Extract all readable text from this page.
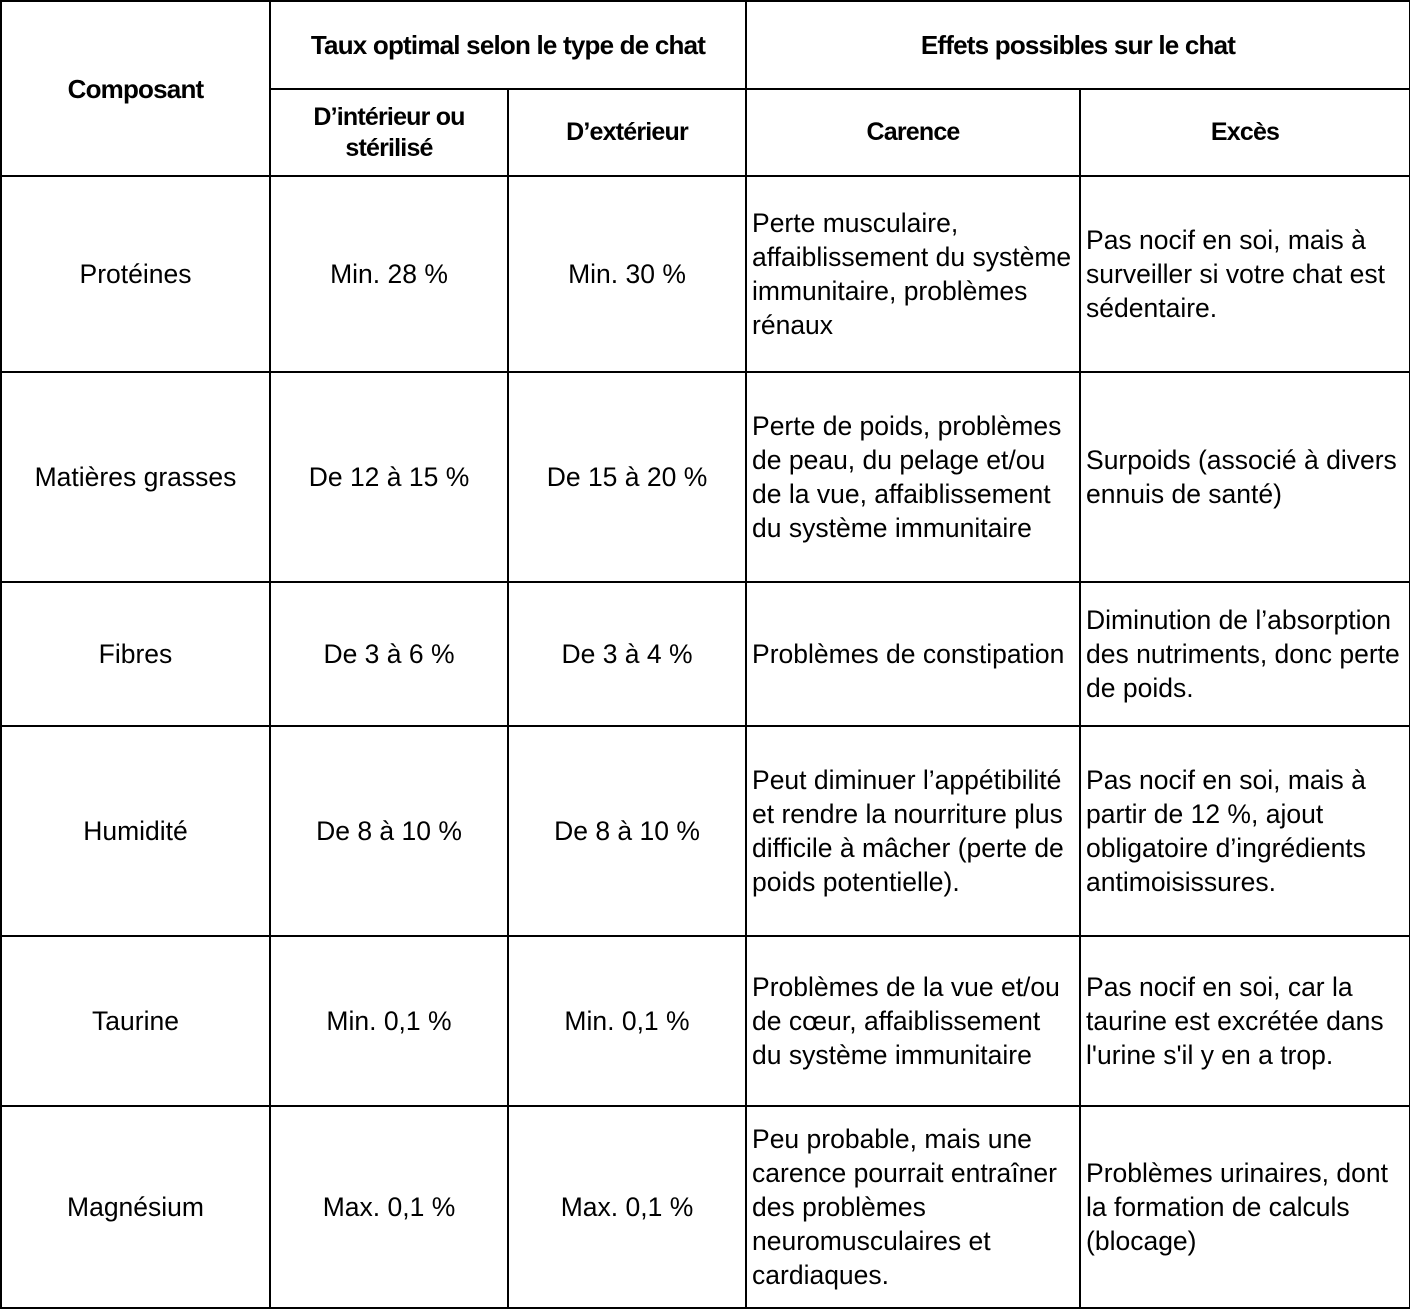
Composant	Taux optimal selon le type de chat		Effets possibles sur le chat	
	D’intérieur ou stérilisé	D’extérieur	Carence	Excès
Protéines	Min. 28 %	Min. 30 %	Perte musculaire, affaiblissement du système immunitaire, problèmes rénaux	Pas nocif en soi, mais à surveiller si votre chat est sédentaire.
Matières grasses	De 12 à 15 %	De 15 à 20 %	Perte de poids, problèmes de peau, du pelage et/ou de la vue, affaiblissement du système immunitaire	Surpoids (associé à divers ennuis de santé)
Fibres	De 3 à 6 %	De 3 à 4 %	Problèmes de constipation	Diminution de l’absorption des nutriments, donc perte de poids.
Humidité	De 8 à 10 %	De 8 à 10 %	Peut diminuer l’appétibilité et rendre la nourriture plus difficile à mâcher (perte de poids potentielle).	Pas nocif en soi, mais à partir de 12 %, ajout obligatoire d’ingrédients antimoisissures.
Taurine	Min. 0,1 %	Min. 0,1 %	Problèmes de la vue et/ou de cœur, affaiblissement du système immunitaire	Pas nocif en soi, car la taurine est excrétée dans l'urine s'il y en a trop.
Magnésium	Max. 0,1 %	Max. 0,1 %	Peu probable, mais une carence pourrait entraîner des problèmes neuromusculaires et cardiaques.	Problèmes urinaires, dont la formation de calculs (blocage)
